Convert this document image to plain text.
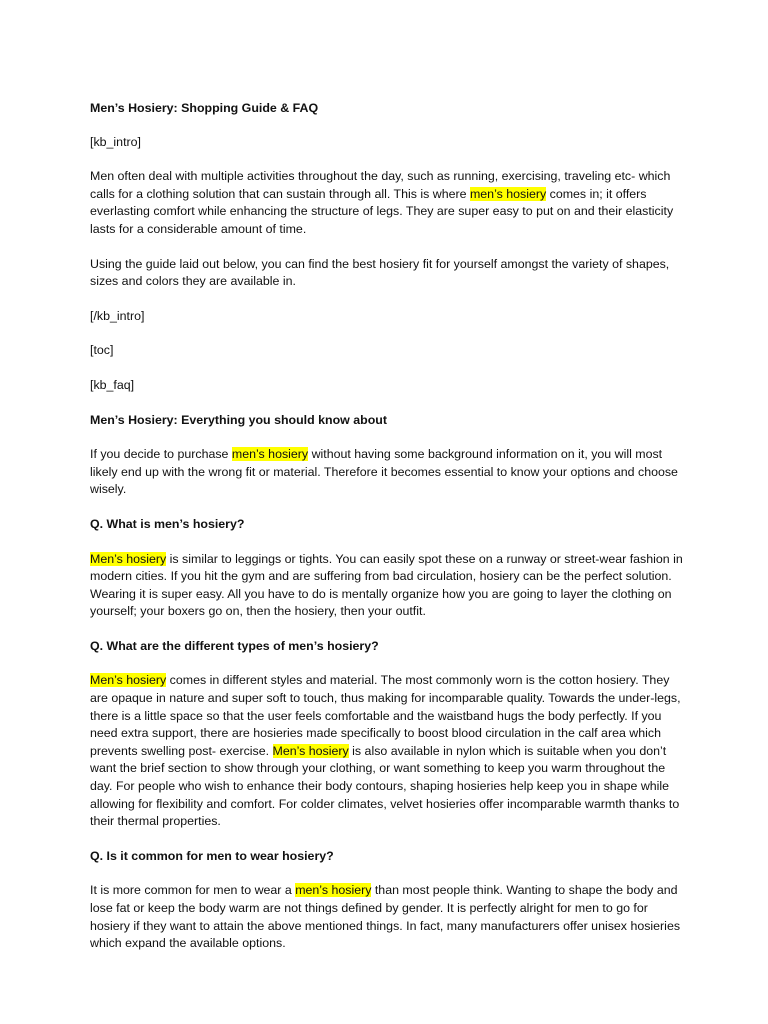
Men’s Hosiery: Shopping Guide & FAQ

[kb_intro]

Men often deal with multiple activities throughout the day, such as running, exercising, traveling etc- which calls for a clothing solution that can sustain through all. This is where men’s hosiery comes in; it offers everlasting comfort while enhancing the structure of legs. They are super easy to put on and their elasticity lasts for a considerable amount of time.

Using the guide laid out below, you can find the best hosiery fit for yourself amongst the variety of shapes, sizes and colors they are available in.

[/kb_intro]

[toc]

[kb_faq]

Men’s Hosiery: Everything you should know about

If you decide to purchase men’s hosiery without having some background information on it, you will most likely end up with the wrong fit or material. Therefore it becomes essential to know your options and choose wisely.

Q. What is men’s hosiery?

Men’s hosiery is similar to leggings or tights. You can easily spot these on a runway or street-wear fashion in modern cities. If you hit the gym and are suffering from bad circulation, hosiery can be the perfect solution. Wearing it is super easy. All you have to do is mentally organize how you are going to layer the clothing on yourself; your boxers go on, then the hosiery, then your outfit.

Q. What are the different types of men’s hosiery?

Men’s hosiery comes in different styles and material. The most commonly worn is the cotton hosiery. They are opaque in nature and super soft to touch, thus making for incomparable quality. Towards the under-legs, there is a little space so that the user feels comfortable and the waistband hugs the body perfectly. If you need extra support, there are hosieries made specifically to boost blood circulation in the calf area which prevents swelling post- exercise. Men’s hosiery is also available in nylon which is suitable when you don’t want the brief section to show through your clothing, or want something to keep you warm throughout the day. For people who wish to enhance their body contours, shaping hosieries help keep you in shape while allowing for flexibility and comfort. For colder climates, velvet hosieries offer incomparable warmth thanks to their thermal properties.

Q. Is it common for men to wear hosiery?

It is more common for men to wear a men’s hosiery than most people think. Wanting to shape the body and lose fat or keep the body warm are not things defined by gender. It is perfectly alright for men to go for hosiery if they want to attain the above mentioned things. In fact, many manufacturers offer unisex hosieries which expand the available options.
